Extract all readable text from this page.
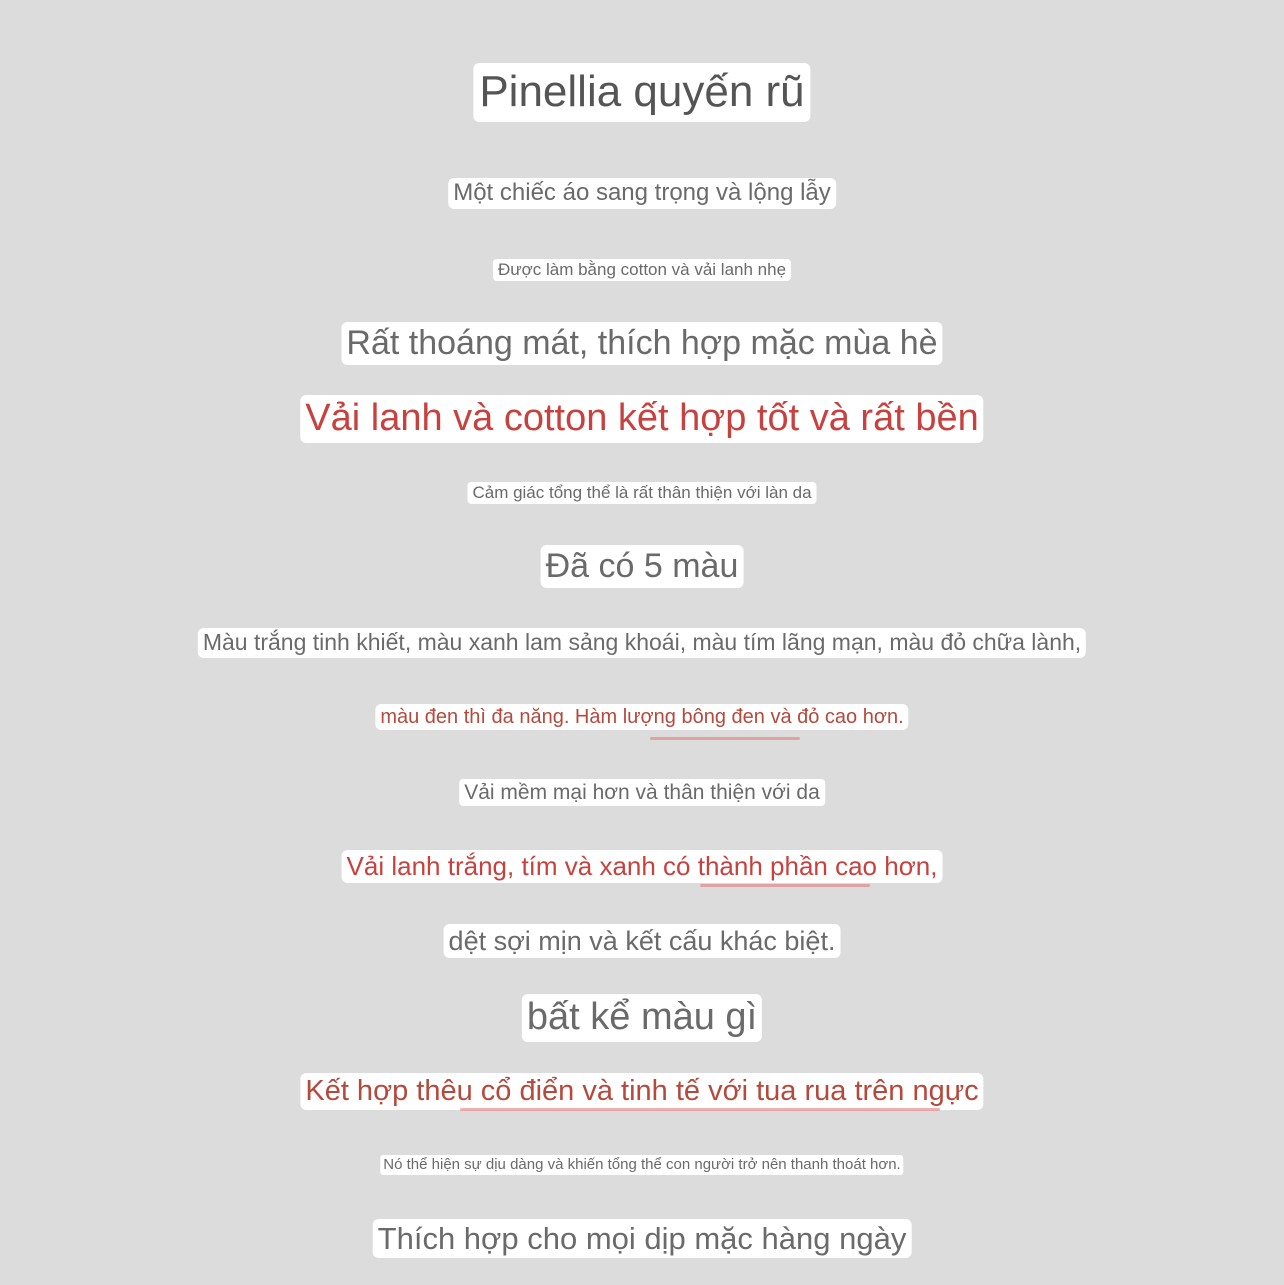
Pinellia quyến rũ
Một chiếc áo sang trọng và lộng lẫy
Được làm bằng cotton và vải lanh nhẹ
Rất thoáng mát, thích hợp mặc mùa hè
Vải lanh và cotton kết hợp tốt và rất bền
Cảm giác tổng thể là rất thân thiện với làn da
Đã có 5 màu
Màu trắng tinh khiết, màu xanh lam sảng khoái, màu tím lãng mạn, màu đỏ chữa lành,
màu đen thì đa năng. Hàm lượng bông đen và đỏ cao hơn.
Vải mềm mại hơn và thân thiện với da
Vải lanh trắng, tím và xanh có thành phần cao hơn,
dệt sợi mịn và kết cấu khác biệt.
bất kể màu gì
Kết hợp thêu cổ điển và tinh tế với tua rua trên ngực
Nó thể hiện sự dịu dàng và khiến tổng thể con người trở nên thanh thoát hơn.
Thích hợp cho mọi dịp mặc hàng ngày
